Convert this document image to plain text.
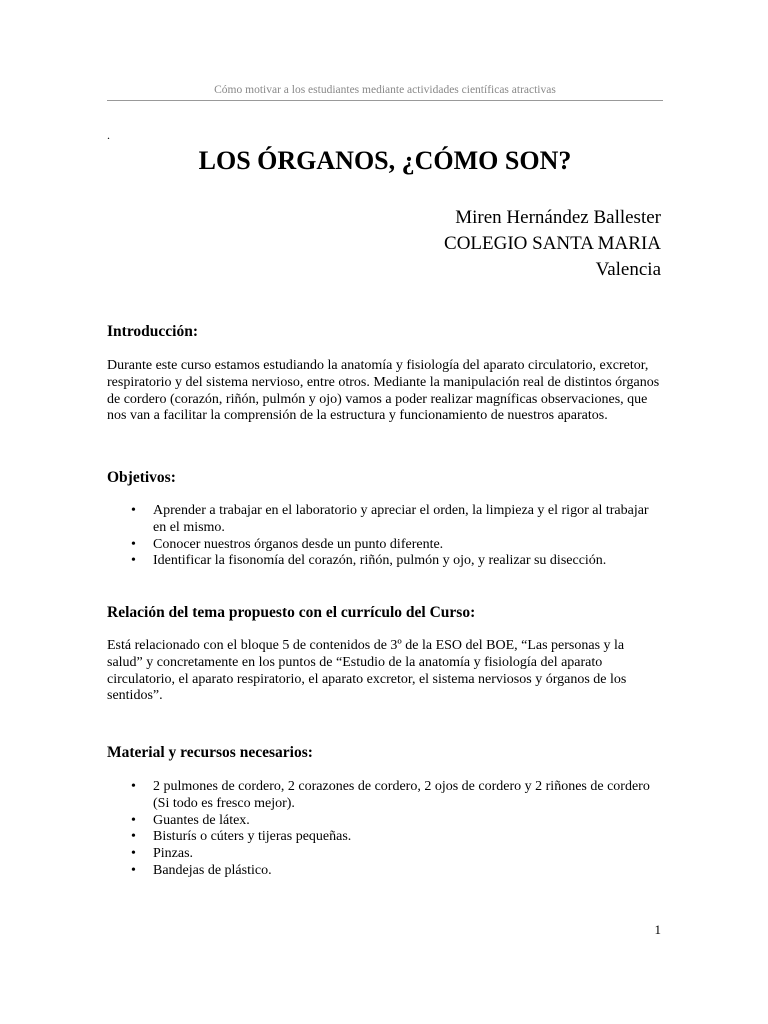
Cómo motivar a los estudiantes mediante actividades científicas atractivas
.
LOS ÓRGANOS, ¿CÓMO SON?
Miren Hernández Ballester
COLEGIO SANTA MARIA
Valencia
Introducción:

Durante este curso estamos estudiando la anatomía y fisiología del aparato circulatorio, excretor, respiratorio y del sistema nervioso, entre otros. Mediante la manipulación real de distintos órganos de cordero (corazón, riñón, pulmón y ojo) vamos a poder realizar magníficas observaciones, que nos van a facilitar la comprensión de la estructura y funcionamiento de nuestros aparatos.

Objetivos:
• Aprender a trabajar en el laboratorio y apreciar el orden, la limpieza y el rigor al trabajar en el mismo.
• Conocer nuestros órganos desde un punto diferente.
• Identificar la fisonomía del corazón, riñón, pulmón y ojo, y realizar su disección.
Relación del tema propuesto con el currículo del Curso:

Está relacionado con el bloque 5 de contenidos de 3º de la ESO del BOE, “Las personas y la salud” y concretamente en los puntos de “Estudio de la anatomía y fisiología del aparato circulatorio, el aparato respiratorio, el aparato excretor, el sistema nerviosos y órganos de los sentidos”.

Material y recursos necesarios:
• 2 pulmones de cordero, 2 corazones de cordero, 2 ojos de cordero y 2 riñones de cordero (Si todo es fresco mejor).
• Guantes de látex.
• Bisturís o cúters y tijeras pequeñas.
• Pinzas.
• Bandejas de plástico.
1
